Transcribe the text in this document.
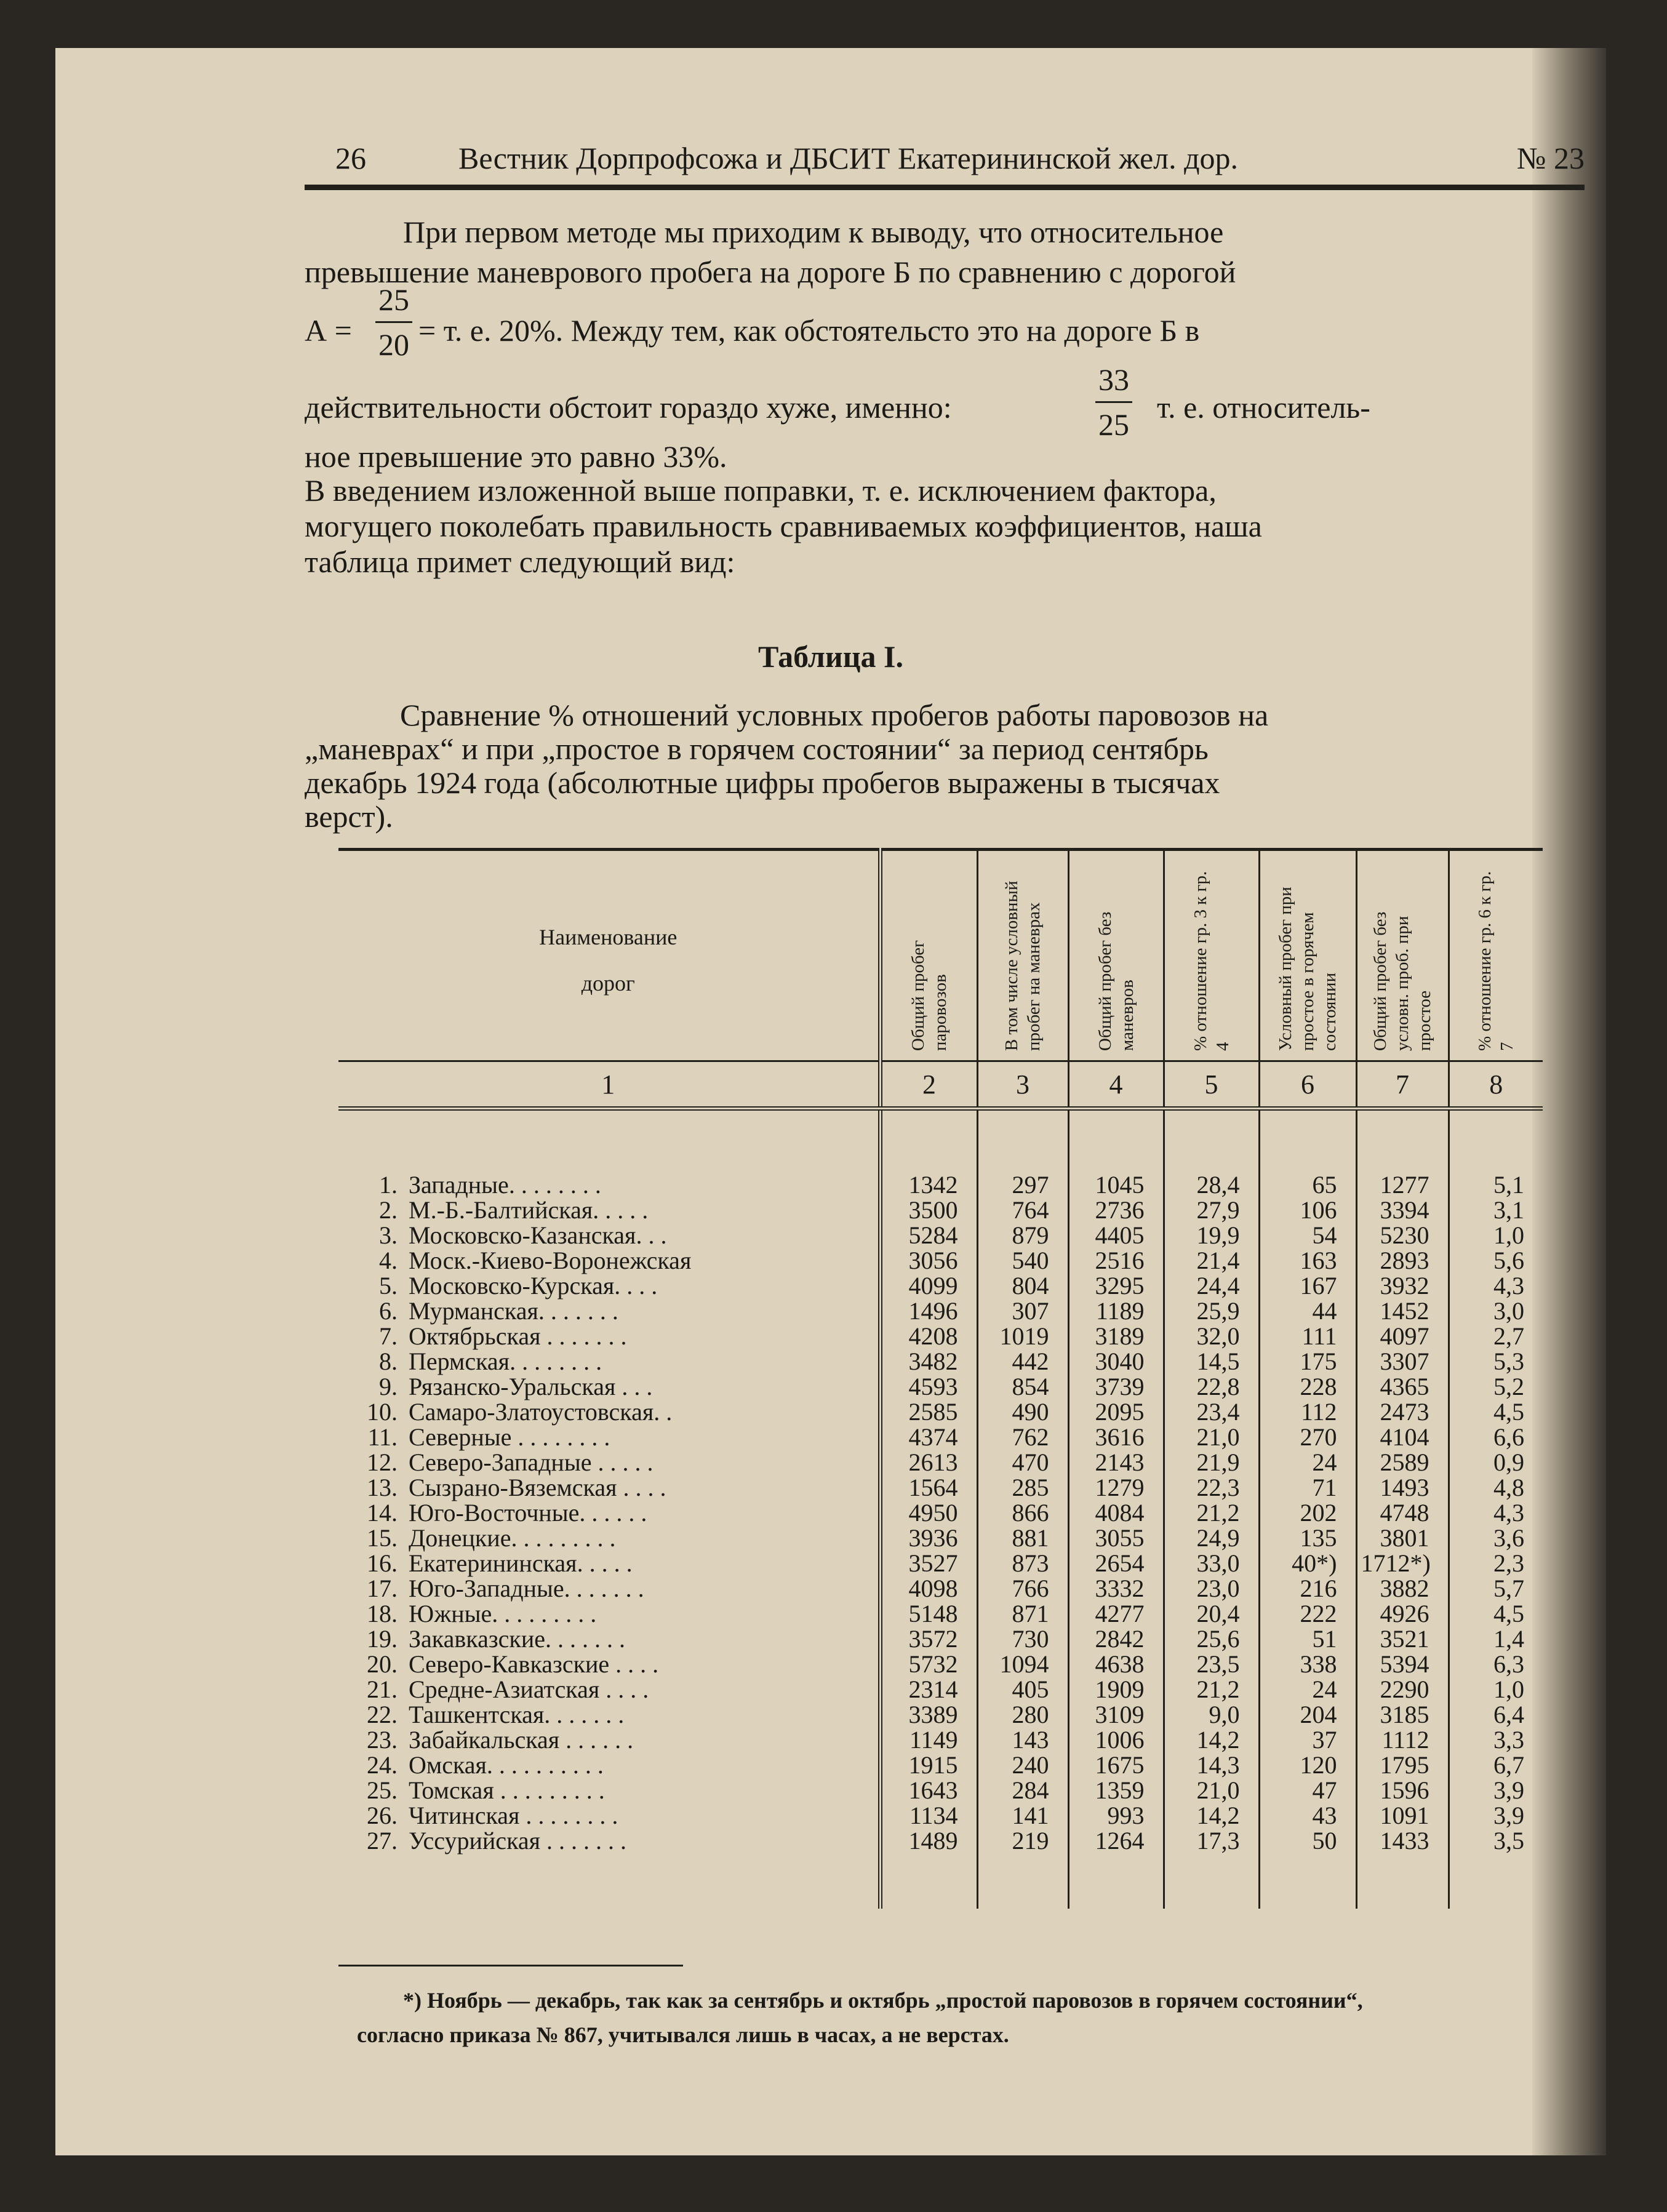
26	Вестник Дорпрофсожа и ДБСИТ Екатерининской жел. дор.	№ 23
При первом методе мы приходим к выводу, что относительное
превышение маневрового пробега на дороге Б по сравнению с дорогой
А =
25
20 = т. е. 20%. Между тем, как обстоятельсто это на дороге Б в
действительности обстоит гораздо хуже, именно:
33
25 т. е. относитель-
ное превышение это равно 33%.
В введением изложенной выше поправки, т. е. исключением фактора,
могущего поколебать правильность сравниваемых коэффициентов, наша
таблица примет следующий вид:
Таблица I.
Сравнение % отношений условных пробегов работы паровозов на
„маневрах“ и при „простое в горячем состоянии“ за период сентябрь
декабрь 1924 года (абсолютные цифры пробегов выражены в тысячах
верст).
Наименование
дорог	Общий пробег паровозов	В том числе условный пробег на маневрах	Общий пробег без маневров	% отношение гр. 3 к гр. 4	Условный пробег при простое в горячем состоянии	Общий пробег без условн. проб. при простое	% отношение гр. 6 к гр. 7

1	2	3	4	5	6	7	8

1. Западные. . . . . . . .	1342	297	1045	28,4	65	1277	5,1
2. М.-Б.-Балтийская. . . . .	3500	764	2736	27,9	106	3394	3,1
3. Московско-Казанская. . .	5284	879	4405	19,9	54	5230	1,0
4. Моск.-Киево-Воронежская	3056	540	2516	21,4	163	2893	5,6
5. Московско-Курская. . . .	4099	804	3295	24,4	167	3932	4,3
6. Мурманская. . . . . . .	1496	307	1189	25,9	44	1452	3,0
7. Октябрьская . . . . . . .	4208	1019	3189	32,0	111	4097	2,7
8. Пермская. . . . . . . .	3482	442	3040	14,5	175	3307	5,3
9. Рязанско-Уральская . . .	4593	854	3739	22,8	228	4365	5,2
10. Самаро-Златоустовская. .	2585	490	2095	23,4	112	2473	4,5
11. Северные . . . . . . . .	4374	762	3616	21,0	270	4104	6,6
12. Северо-Западные . . . . .	2613	470	2143	21,9	24	2589	0,9
13. Сызрано-Вяземская . . . .	1564	285	1279	22,3	71	1493	4,8
14. Юго-Восточные. . . . . .	4950	866	4084	21,2	202	4748	4,3
15. Донецкие. . . . . . . . .	3936	881	3055	24,9	135	3801	3,6
16. Екатерининская. . . . .	3527	873	2654	33,0	40*)	1712*)	2,3
17. Юго-Западные. . . . . . .	4098	766	3332	23,0	216	3882	5,7
18. Южные. . . . . . . . .	5148	871	4277	20,4	222	4926	4,5
19. Закавказские. . . . . . .	3572	730	2842	25,6	51	3521	1,4
20. Северо-Кавказские . . . .	5732	1094	4638	23,5	338	5394	6,3
21. Средне-Азиатская . . . .	2314	405	1909	21,2	24	2290	1,0
22. Ташкентская. . . . . . .	3389	280	3109	9,0	204	3185	6,4
23. Забайкальская . . . . . .	1149	143	1006	14,2	37	1112	3,3
24. Омская. . . . . . . . . .	1915	240	1675	14,3	120	1795	6,7
25. Томская . . . . . . . . .	1643	284	1359	21,0	47	1596	3,9
26. Читинская . . . . . . . .	1134	141	993	14,2	43	1091	3,9
27. Уссурийская . . . . . . .	1489	219	1264	17,3	50	1433	3,5

*) Ноябрь — декабрь, так как за сентябрь и октябрь „простой паровозов в горячем состоянии“,
согласно приказа № 867, учитывался лишь в часах, а не верстах.
